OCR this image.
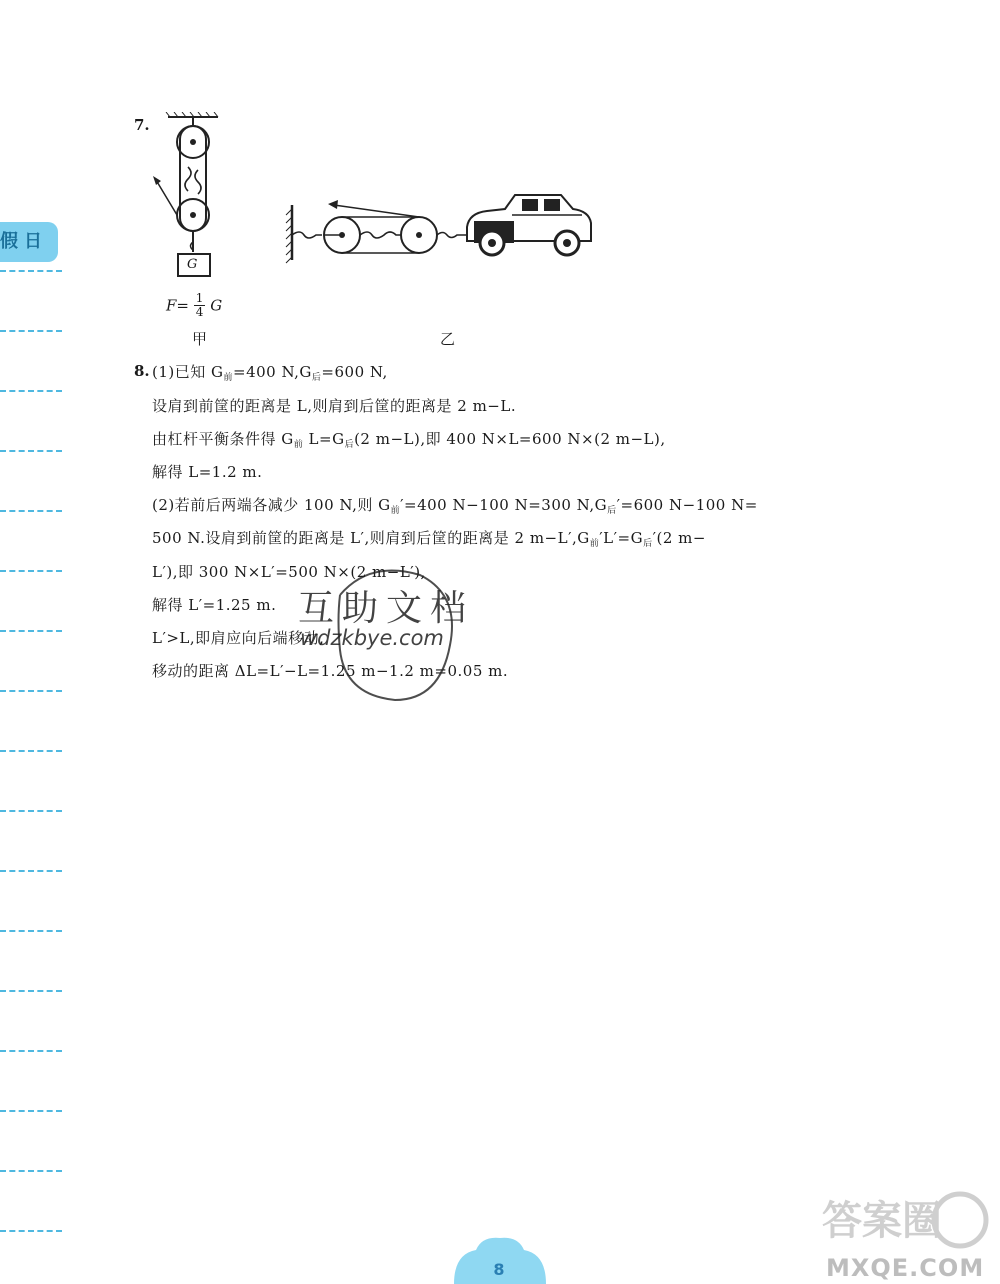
假日
7.
G
$F= \frac{1}{4}$ G
甲	乙
8. (1)已知 $G_前=400$ $N,G_后=600$ N,
设肩到前筐的距离是 L,则肩到后筐的距离是 2 m−L.
由杠杆平衡条件得 $G_前$ $L=G_后(2$ m−L),即 400 N×L=600 N×(2 m−L),
解得 L=1.2 m.
(2)若前后两端各减少 100 N,则 $G_前'=400$ N−100 N=300 $N,G_后'=600$ N−100 N=
500 N.设肩到前筐的距离是 L′,则肩到后筐的距离是 2 $m-L',G_前'L'=G_后'(2$ m−
L′),即 300 N×L′=500 N×(2 m−L′),
解得 L′=1.25 m.
L′>L,即肩应向后端移动,
移动的距离 ΔL=L′−L=1.25 m−1.2 m=0.05 m.
互助文档
wdzkbye.com
8
答案圈
MXQE.COM
